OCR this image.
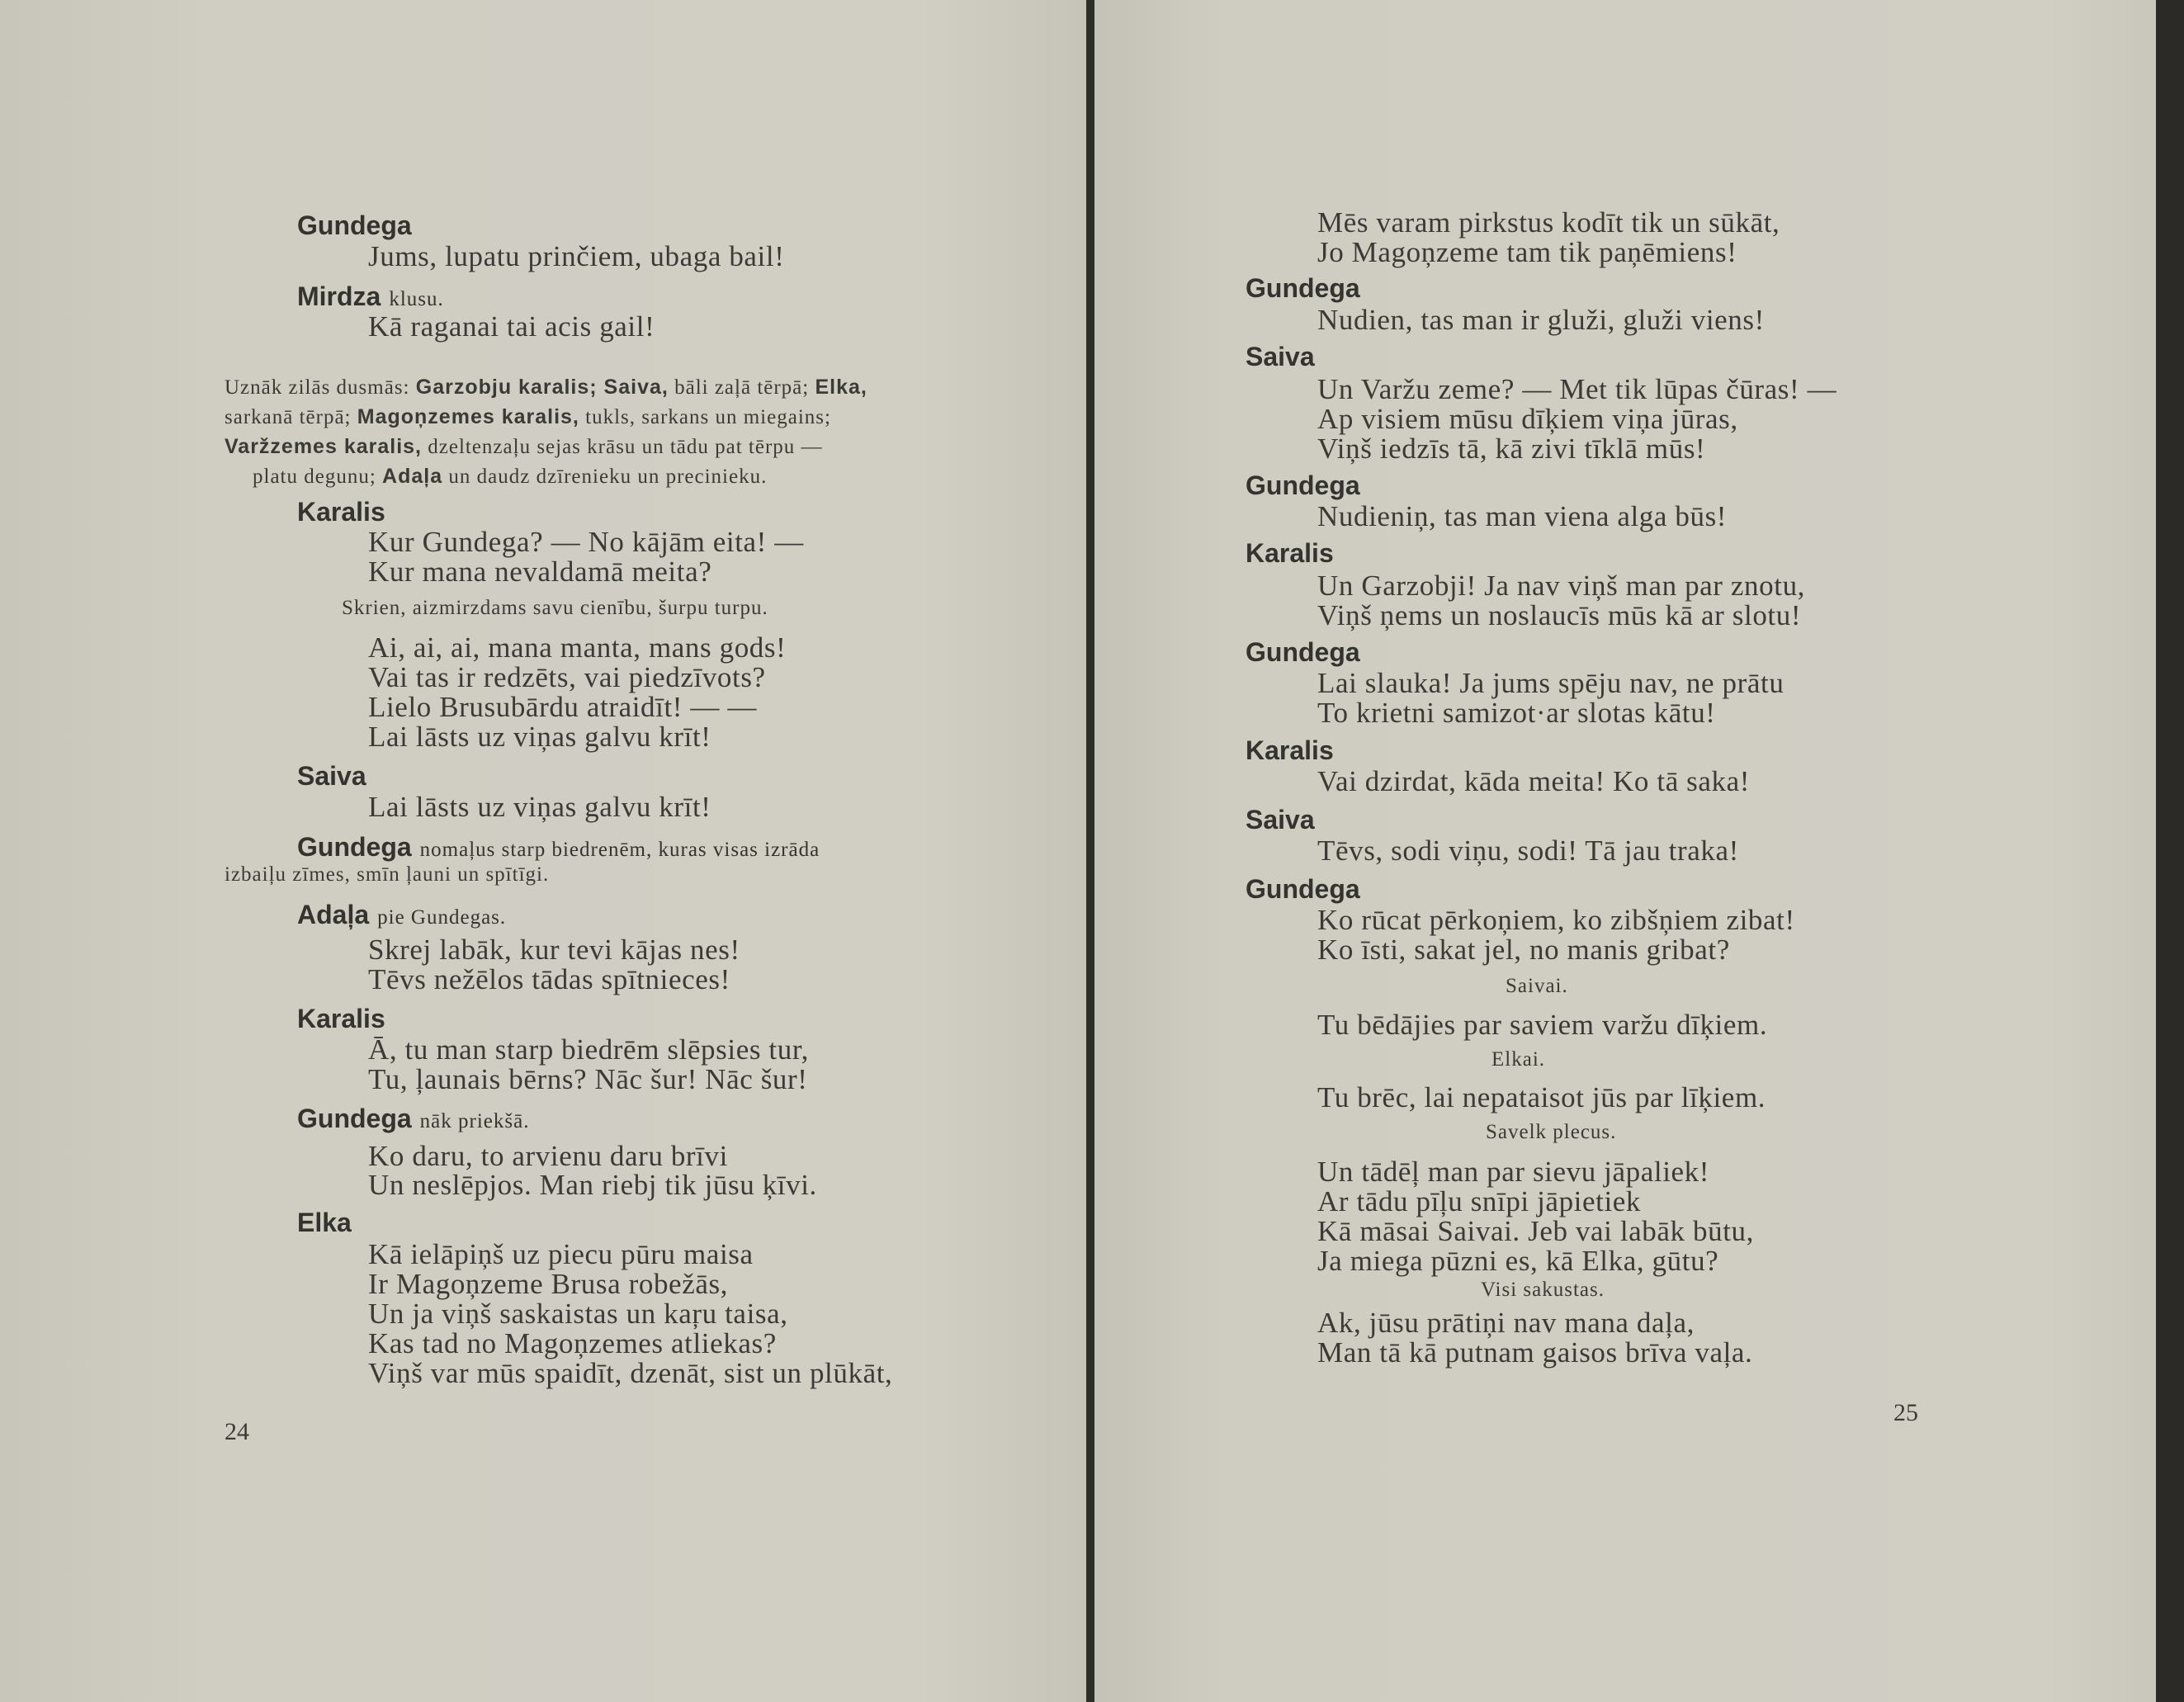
Gundega
Jums, lupatu prinčiem, ubaga bail!
Mirdza klusu.
Kā raganai tai acis gail!
Uznāk zilās dusmās: Garzobju karalis; Saiva, bāli zaļā tērpā; Elka,
sarkanā tērpā; Magoņzemes karalis, tukls, sarkans un miegains;
Varžzemes karalis, dzeltenzaļu sejas krāsu un tādu pat tērpu —
platu degunu; Adaļa un daudz dzīrenieku un precinieku.
Karalis
Kur Gundega? — No kājām eita! —
Kur mana nevaldamā meita?
Skrien, aizmirzdams savu cienību, šurpu turpu.
Ai, ai, ai, mana manta, mans gods!
Vai tas ir redzēts, vai piedzīvots?
Lielo Brusubārdu atraidīt! — —
Lai lāsts uz viņas galvu krīt!
Saiva
Lai lāsts uz viņas galvu krīt!
Gundega nomaļus starp biedrenēm, kuras visas izrāda
izbaiļu zīmes, smīn ļauni un spītīgi.
Adaļa pie Gundegas.
Skrej labāk, kur tevi kājas nes!
Tēvs nežēlos tādas spītnieces!
Karalis
Ā, tu man starp biedrēm slēpsies tur,
Tu, ļaunais bērns? Nāc šur! Nāc šur!
Gundega nāk priekšā.
Ko daru, to arvienu daru brīvi
Un neslēpjos. Man riebj tik jūsu ķīvi.
Elka
Kā ielāpiņš uz piecu pūru maisa
Ir Magoņzeme Brusa robežās,
Un ja viņš saskaistas un kaŗu taisa,
Kas tad no Magoņzemes atliekas?
Viņš var mūs spaidīt, dzenāt, sist un plūkāt,
24
Mēs varam pirkstus kodīt tik un sūkāt,
Jo Magoņzeme tam tik paņēmiens!
Gundega
Nudien, tas man ir gluži, gluži viens!
Saiva
Un Varžu zeme? — Met tik lūpas čūras! —
Ap visiem mūsu dīķiem viņa jūras,
Viņš iedzīs tā, kā zivi tīklā mūs!
Gundega
Nudieniņ, tas man viena alga būs!
Karalis
Un Garzobji! Ja nav viņš man par znotu,
Viņš ņems un noslaucīs mūs kā ar slotu!
Gundega
Lai slauka! Ja jums spēju nav, ne prātu
To krietni samizot·ar slotas kātu!
Karalis
Vai dzirdat, kāda meita! Ko tā saka!
Saiva
Tēvs, sodi viņu, sodi! Tā jau traka!
Gundega
Ko rūcat pērkoņiem, ko zibšņiem zibat!
Ko īsti, sakat jel, no manis gribat?
Saivai.
Tu bēdājies par saviem varžu dīķiem.
Elkai.
Tu brēc, lai nepataisot jūs par līķiem.
Savelk plecus.
Un tādēļ man par sievu jāpaliek!
Ar tādu pīļu snīpi jāpietiek
Kā māsai Saivai. Jeb vai labāk būtu,
Ja miega pūzni es, kā Elka, gūtu?
Visi sakustas.
Ak, jūsu prātiņi nav mana daļa,
Man tā kā putnam gaisos brīva vaļa.
25
